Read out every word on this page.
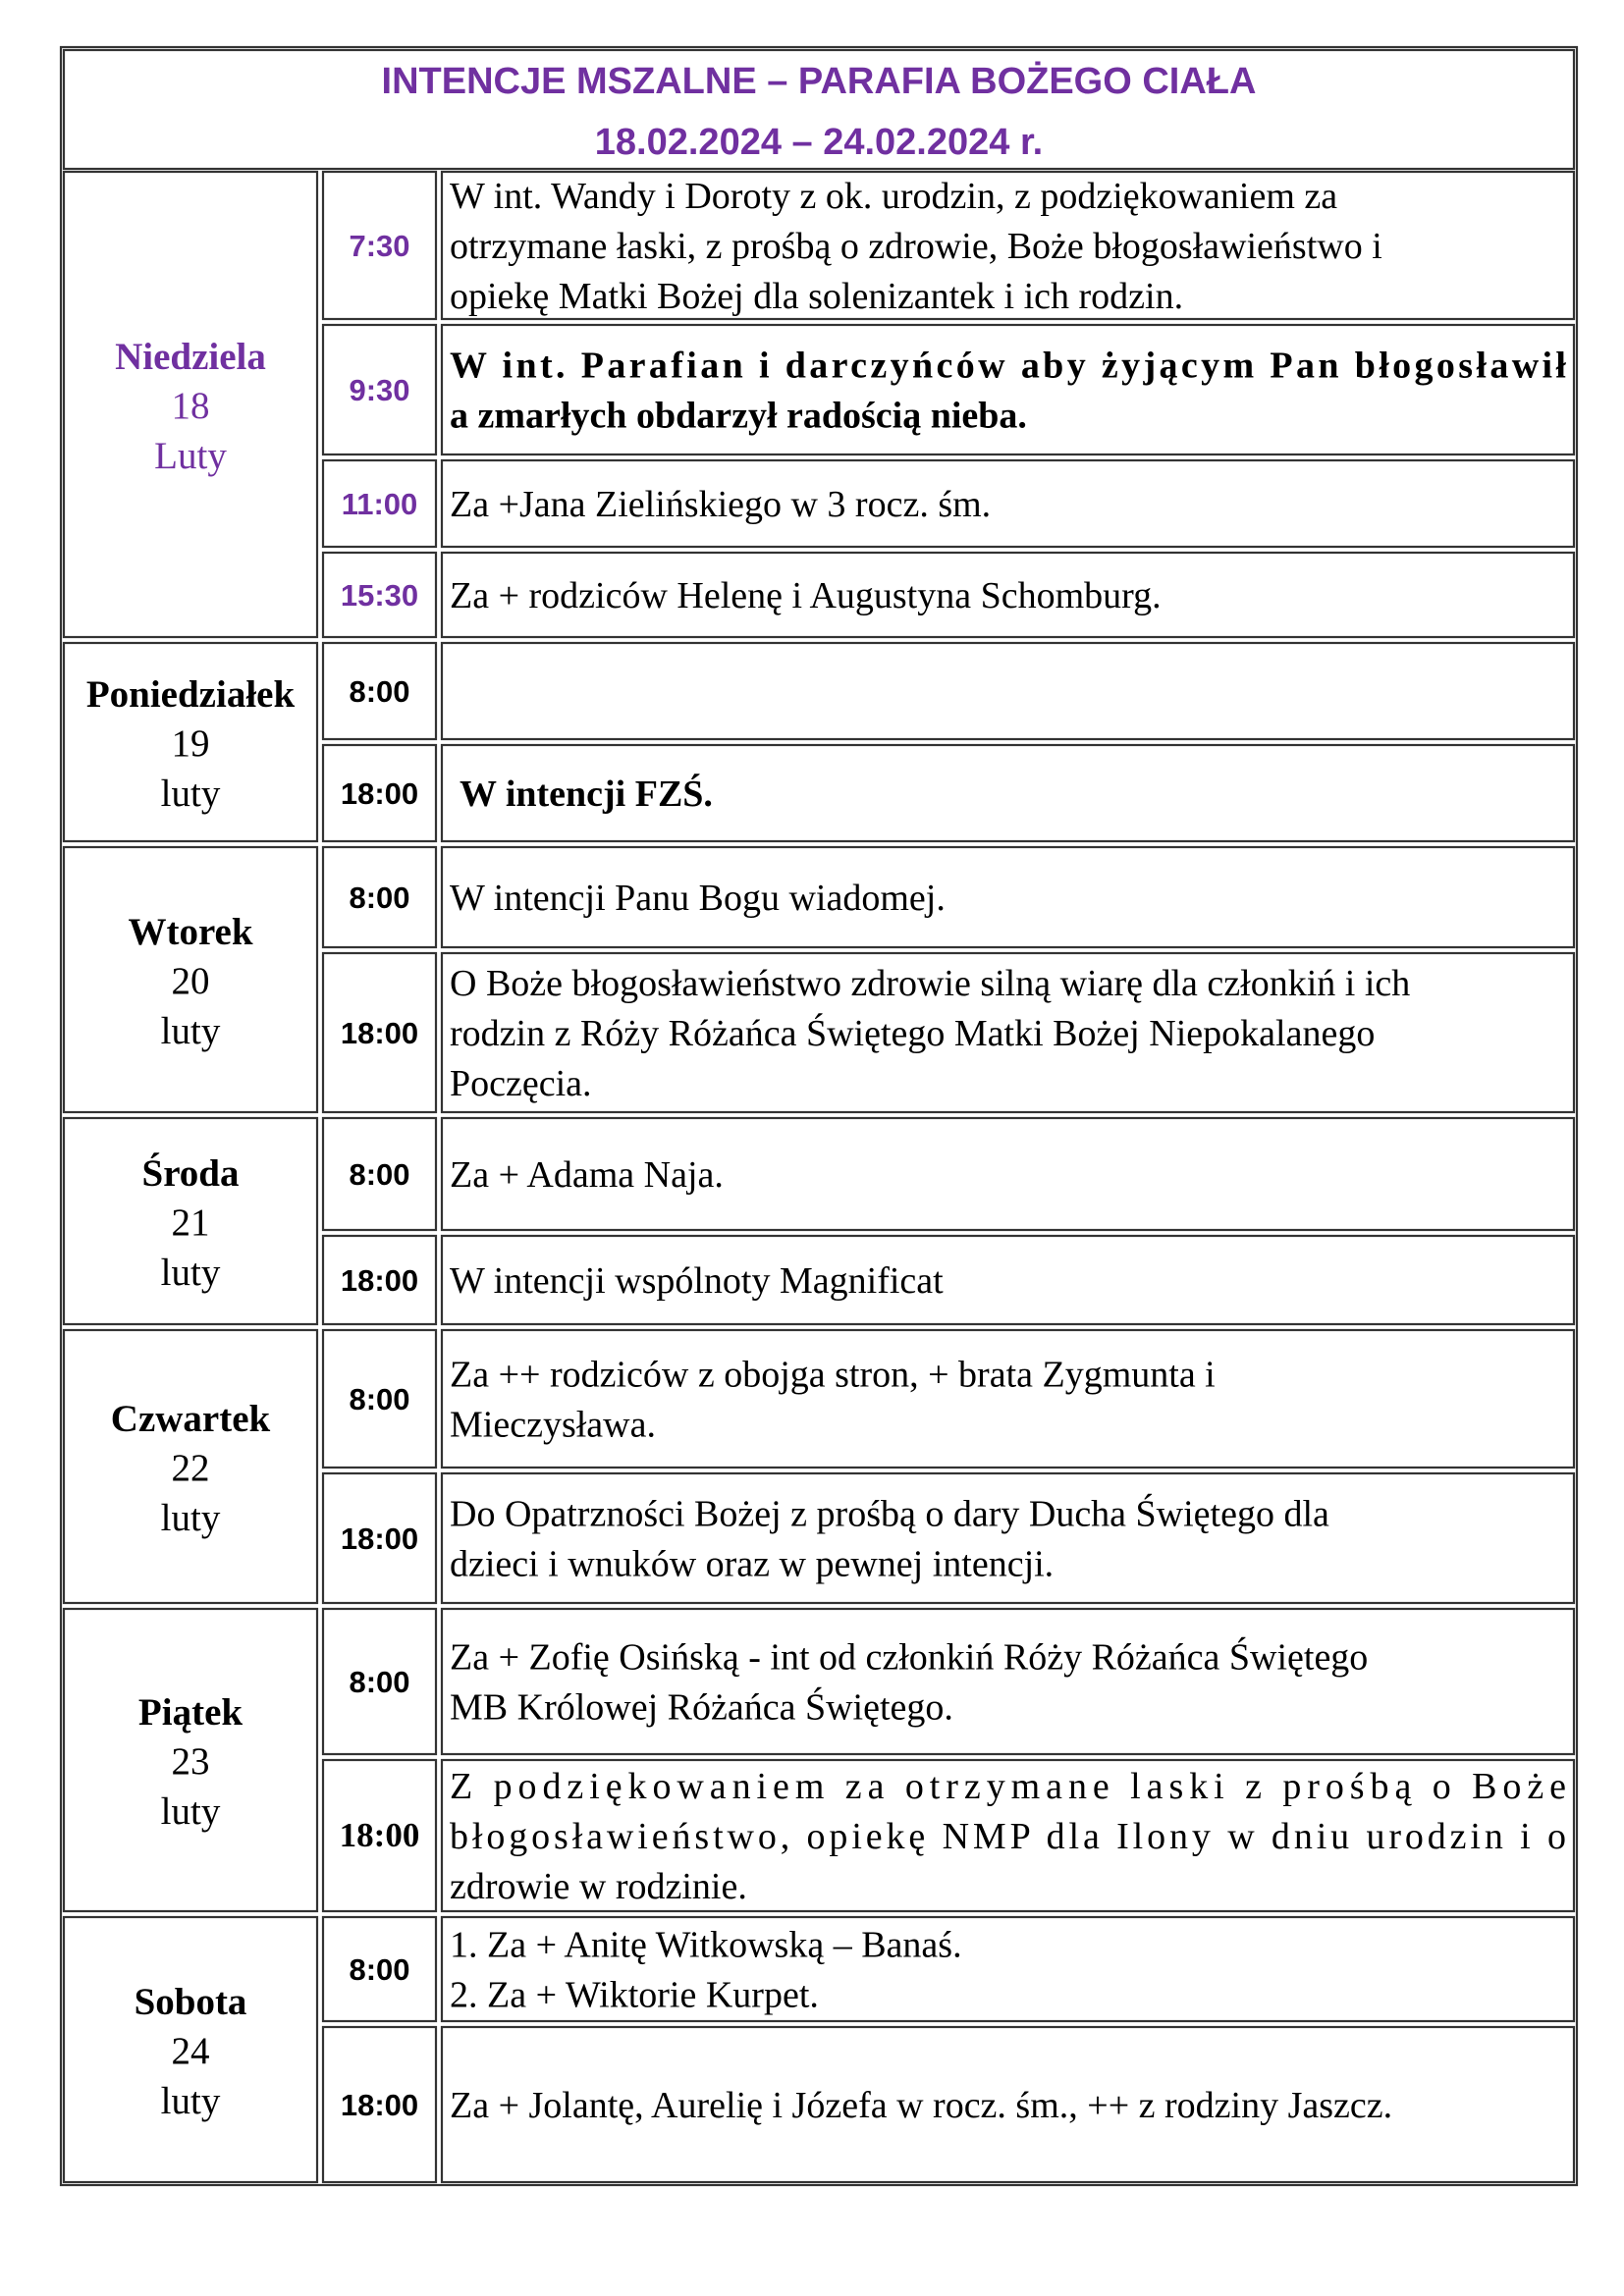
INTENCJE MSZALNE – PARAFIA BOŻEGO CIAŁA
18.02.2024 – 24.02.2024 r.
Niedziela
18
Luty
7:30
W int. Wandy i Doroty z ok. urodzin, z podziękowaniem za
otrzymane łaski, z prośbą o zdrowie, Boże błogosławieństwo i
opiekę Matki Bożej dla solenizantek i ich rodzin.
9:30
W int. Parafian i darczyńców aby żyjącym Pan błogosławił
a zmarłych obdarzył radością nieba.
11:00 Za +Jana Zielińskiego w 3 rocz. śm.
15:30 Za + rodziców Helenę i Augustyna Schomburg.
Poniedziałek
19
luty
8:00
18:00 W intencji FZŚ.
Wtorek
20
luty
8:00 W intencji Panu Bogu wiadomej.
18:00
O Boże błogosławieństwo zdrowie silną wiarę dla członkiń i ich
rodzin z Róży Różańca Świętego Matki Bożej Niepokalanego
Poczęcia.
Środa
21
luty
8:00 Za + Adama Naja.
18:00 W intencji wspólnoty Magnificat
Czwartek
22
luty
8:00
Za ++ rodziców z obojga stron, + brata Zygmunta i
Mieczysława.
18:00
Do Opatrzności Bożej z prośbą o dary Ducha Świętego dla
dzieci i wnuków oraz w pewnej intencji.
Piątek
23
luty
8:00
Za + Zofię Osińską - int od członkiń Róży Różańca Świętego
MB Królowej Różańca Świętego.
18:00
Z podziękowaniem za otrzymane laski z prośbą o Boże
błogosławieństwo, opiekę NMP dla Ilony w dniu urodzin i o
zdrowie w rodzinie.
Sobota
24
luty
8:00
1. Za + Anitę Witkowską – Banaś.
2. Za + Wiktorie Kurpet.
18:00 Za + Jolantę, Aurelię i Józefa w rocz. śm., ++ z rodziny Jaszcz.
